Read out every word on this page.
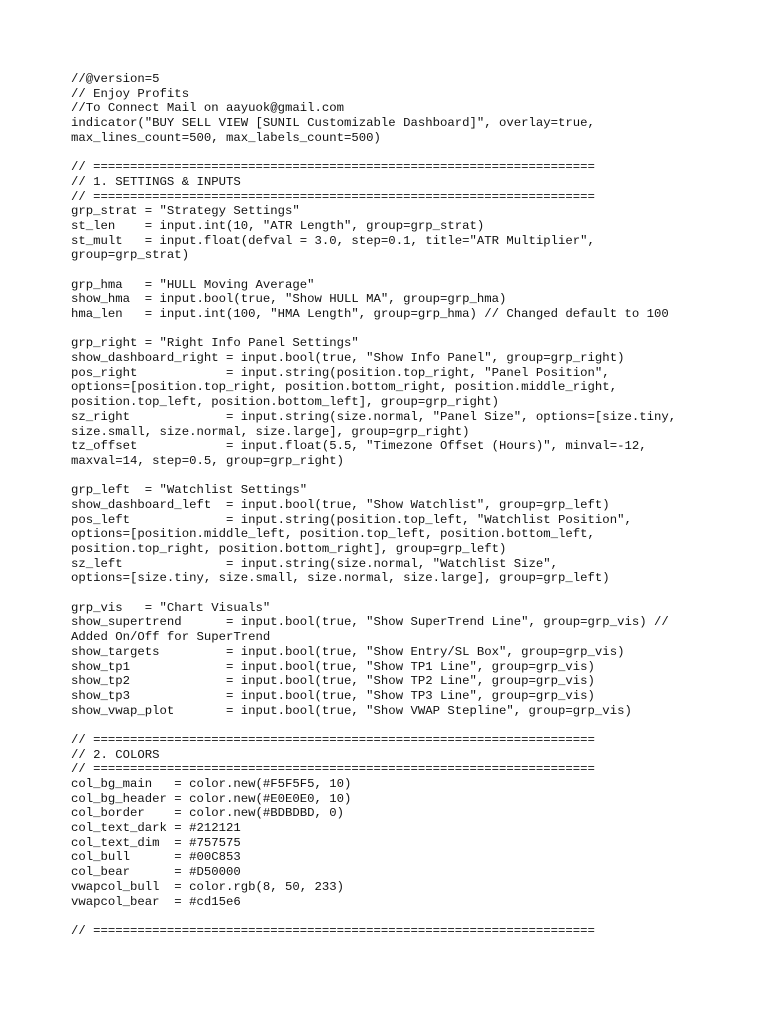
//@version=5
// Enjoy Profits
//To Connect Mail on aayuok@gmail.com
indicator("BUY SELL VIEW [SUNIL Customizable Dashboard]", overlay=true,
max_lines_count=500, max_labels_count=500)
// ====================================================================
// 1. SETTINGS & INPUTS
// ====================================================================
grp_strat = "Strategy Settings"
st_len    = input.int(10, "ATR Length", group=grp_strat)
st_mult   = input.float(defval = 3.0, step=0.1, title="ATR Multiplier",
group=grp_strat)
grp_hma   = "HULL Moving Average"
show_hma  = input.bool(true, "Show HULL MA", group=grp_hma)
hma_len   = input.int(100, "HMA Length", group=grp_hma) // Changed default to 100
grp_right = "Right Info Panel Settings"
show_dashboard_right = input.bool(true, "Show Info Panel", group=grp_right)
pos_right            = input.string(position.top_right, "Panel Position",
options=[position.top_right, position.bottom_right, position.middle_right,
position.top_left, position.bottom_left], group=grp_right)
sz_right             = input.string(size.normal, "Panel Size", options=[size.tiny,
size.small, size.normal, size.large], group=grp_right)
tz_offset            = input.float(5.5, "Timezone Offset (Hours)", minval=-12,
maxval=14, step=0.5, group=grp_right)
grp_left  = "Watchlist Settings"
show_dashboard_left  = input.bool(true, "Show Watchlist", group=grp_left)
pos_left             = input.string(position.top_left, "Watchlist Position",
options=[position.middle_left, position.top_left, position.bottom_left,
position.top_right, position.bottom_right], group=grp_left)
sz_left              = input.string(size.normal, "Watchlist Size",
options=[size.tiny, size.small, size.normal, size.large], group=grp_left)
grp_vis   = "Chart Visuals"
show_supertrend      = input.bool(true, "Show SuperTrend Line", group=grp_vis) //
Added On/Off for SuperTrend
show_targets         = input.bool(true, "Show Entry/SL Box", group=grp_vis)
show_tp1             = input.bool(true, "Show TP1 Line", group=grp_vis)
show_tp2             = input.bool(true, "Show TP2 Line", group=grp_vis)
show_tp3             = input.bool(true, "Show TP3 Line", group=grp_vis)
show_vwap_plot       = input.bool(true, "Show VWAP Stepline", group=grp_vis)
// ====================================================================
// 2. COLORS
// ====================================================================
col_bg_main   = color.new(#F5F5F5, 10)
col_bg_header = color.new(#E0E0E0, 10)
col_border    = color.new(#BDBDBD, 0)
col_text_dark = #212121
col_text_dim  = #757575
col_bull      = #00C853
col_bear      = #D50000
vwapcol_bull  = color.rgb(8, 50, 233)
vwapcol_bear  = #cd15e6
// ====================================================================
